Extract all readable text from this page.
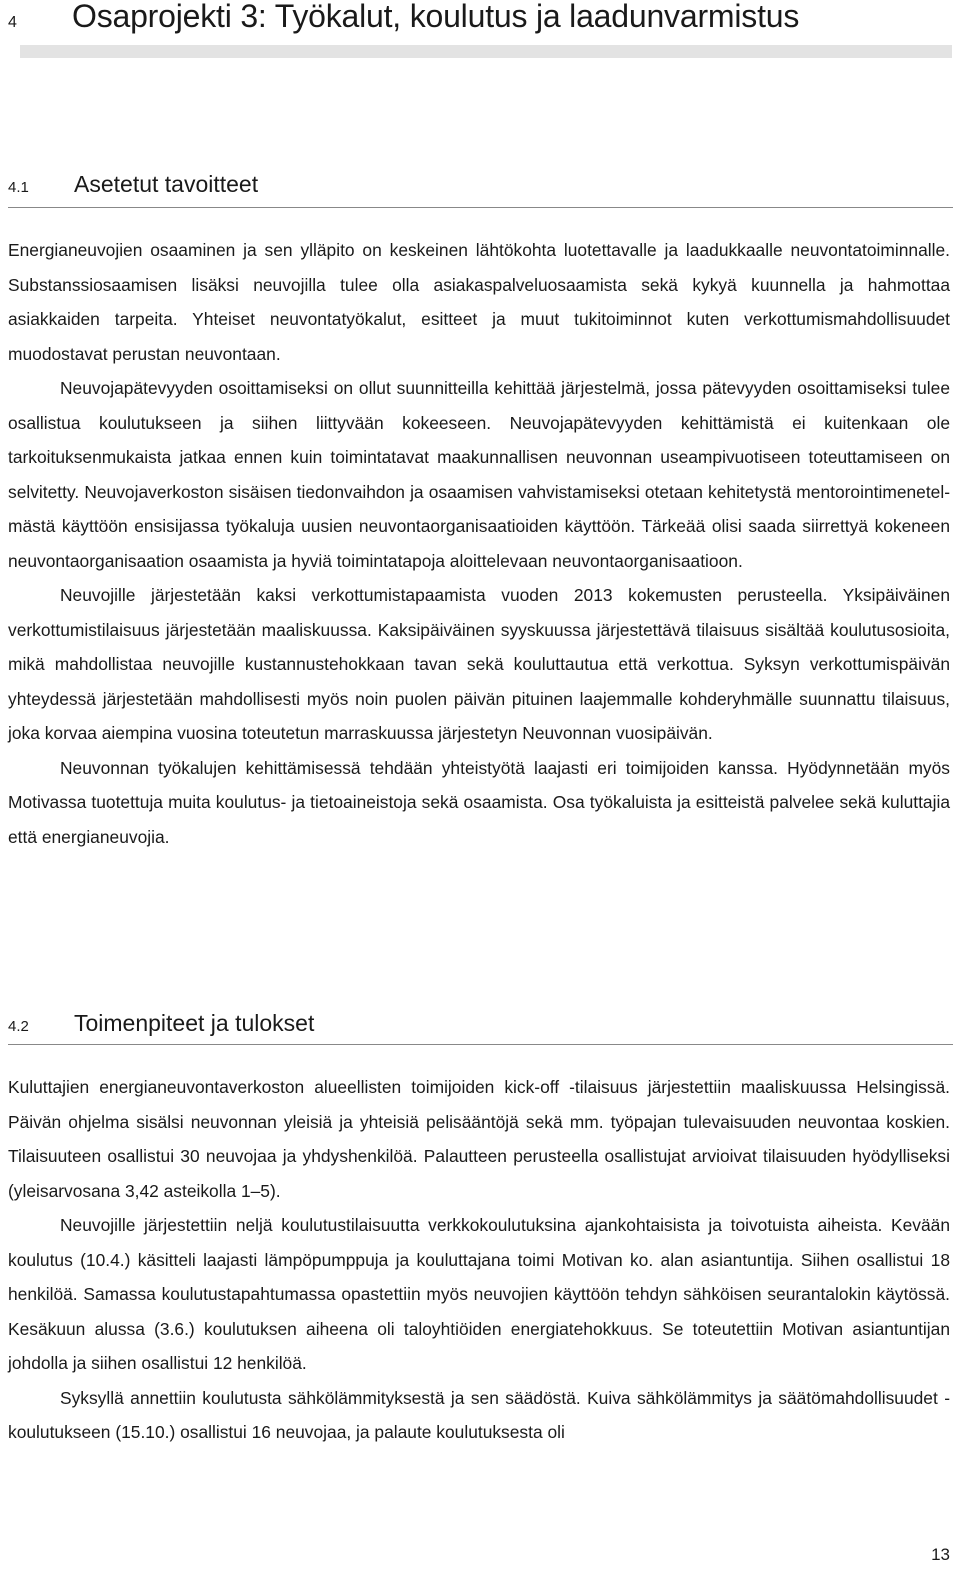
4 Osaprojekti 3: Työkalut, koulutus ja laadunvarmistus
4.1 Asetetut tavoitteet

Energianeuvojien osaaminen ja sen ylläpito on keskeinen lähtökohta luotettavalle ja laadukkaalle neuvontatoiminnalle. Substanssiosaamisen lisäksi neuvojilla tulee olla asiakaspalveluosaamista sekä kykyä kuunnella ja hahmottaa asiakkaiden tarpeita. Yhteiset neuvontatyökalut, esitteet ja muut tukitoiminnot kuten verkottumismahdollisuudet muodostavat perustan neuvontaan.

Neuvojapätevyyden osoittamiseksi on ollut suunnitteilla kehittää järjestelmä, jossa pätevyyden osoittamiseksi tulee osallistua koulutukseen ja siihen liittyvään kokeeseen. Neuvojapätevyyden kehittämistä ei kuitenkaan ole tarkoituksenmukaista jatkaa ennen kuin toimintatavat maakunnallisen neuvonnan useampivuotiseen toteuttamiseen on selvitetty. Neuvojaverkoston sisäisen tiedonvaihdon ja osaamisen vahvistamiseksi otetaan kehitetystä mentorointimenetelmästä käyttöön ensisijassa työkaluja uusien neuvontaorganisaatioiden käyttöön. Tärkeää olisi saada siirrettyä kokeneen neuvontaorganisaation osaamista ja hyviä toimintatapoja aloittelevaan neuvontaorganisaatioon.

Neuvojille järjestetään kaksi verkottumistapaamista vuoden 2013 kokemusten perusteella. Yksipäiväinen verkottumistilaisuus järjestetään maaliskuussa. Kaksipäiväinen syyskuussa järjestettävä tilaisuus sisältää koulutusosioita, mikä mahdollistaa neuvojille kustannustehokkaan tavan sekä kouluttautua että verkottua. Syksyn verkottumispäivän yhteydessä järjestetään mahdollisesti myös noin puolen päivän pituinen laajemmalle kohderyhmälle suunnattu tilaisuus, joka korvaa aiempina vuosina toteutetun marraskuussa järjestetyn Neuvonnan vuosipäivän.

Neuvonnan työkalujen kehittämisessä tehdään yhteistyötä laajasti eri toimijoiden kanssa. Hyödynnetään myös Motivassa tuotettuja muita koulutus- ja tietoaineistoja sekä osaamista. Osa työkaluista ja esitteistä palvelee sekä kuluttajia että energianeuvojia.

4.2 Toimenpiteet ja tulokset

Kuluttajien energianeuvontaverkoston alueellisten toimijoiden kick-off -tilaisuus järjestettiin maaliskuussa Helsingissä. Päivän ohjelma sisälsi neuvonnan yleisiä ja yhteisiä pelisääntöjä sekä mm. työpajan tulevaisuuden neuvontaa koskien. Tilaisuuteen osallistui 30 neuvojaa ja yhdyshenkilöä. Palautteen perusteella osallistujat arvioivat tilaisuuden hyödylliseksi (yleisarvosana 3,42 asteikolla 1–5).

Neuvojille järjestettiin neljä koulutustilaisuutta verkkokoulutuksina ajankohtaisista ja toivotuista aiheista. Kevään koulutus (10.4.) käsitteli laajasti lämpöpumppuja ja kouluttajana toimi Motivan ko. alan asiantuntija. Siihen osallistui 18 henkilöä. Samassa koulutustapahtumassa opastettiin myös neuvojien käyttöön tehdyn sähköisen seurantalokin käytössä. Kesäkuun alussa (3.6.) koulutuksen aiheena oli taloyhtiöiden energiatehokkuus. Se toteutettiin Motivan asiantuntijan johdolla ja siihen osallistui 12 henkilöä.

Syksyllä annettiin koulutusta sähkölämmityksestä ja sen säädöstä. Kuiva sähkölämmitys ja säätömahdollisuudet -koulutukseen (15.10.) osallistui 16 neuvojaa, ja palaute koulutuksesta oli

13
